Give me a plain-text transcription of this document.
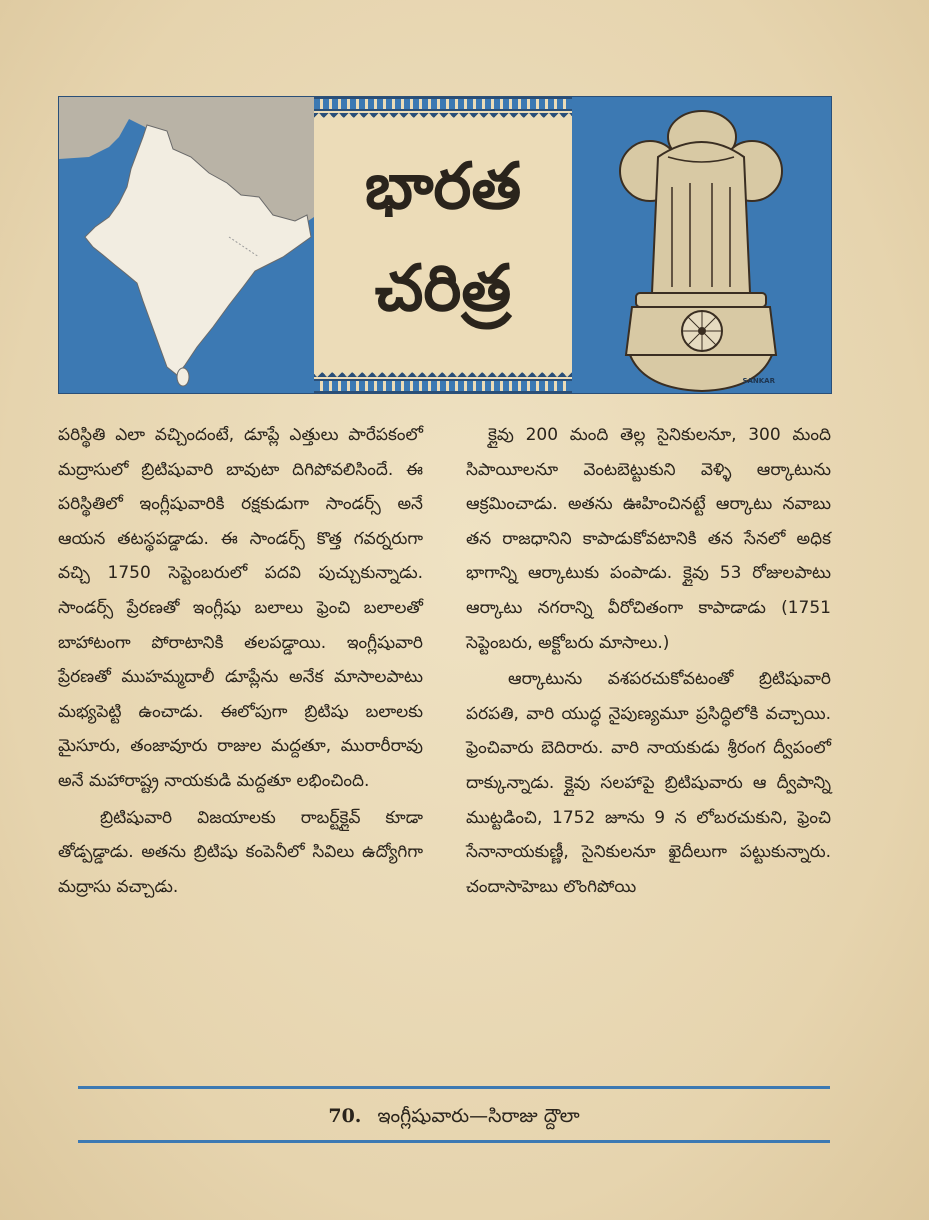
భారత
చరిత్ర
SANKAR

పరిస్థితి ఎలా వచ్చిందంటే, డూప్లే ఎత్తులు పారేపకంలో మద్రాసులో బ్రిటిషువారి బావుటా దిగిపోవలిసిందే. ఈ పరిస్థితిలో ఇంగ్లీషువారికి రక్షకుడుగా సాండర్స్ అనే ఆయన తటస్థపడ్డాడు. ఈ సాండర్స్ కొత్త గవర్నరుగా వచ్చి 1750 సెప్టెంబరులో పదవి పుచ్చుకున్నాడు. సాండర్స్ ప్రేరణతో ఇంగ్లీషు బలాలు ఫ్రెంచి బలాలతో బాహాటంగా పోరాటానికి తలపడ్డాయి. ఇంగ్లీషువారి ప్రేరణతో ముహమ్మదాలీ డూప్లేను అనేక మాసాలపాటు మభ్యపెట్టి ఉంచాడు. ఈలోపుగా బ్రిటిషు బలాలకు మైసూరు, తంజావూరు రాజుల మద్దతూ, మురారీరావు అనే మహారాష్ట్ర నాయకుడి మద్దతూ లభించింది.

బ్రిటిషువారి విజయాలకు రాబర్ట్‌క్లైవ్ కూడా తోడ్పడ్డాడు. అతను బ్రిటిషు కంపెనీలో సివిలు ఉద్యోగిగా మద్రాసు వచ్చాడు.

క్లైవు 200 మంది తెల్ల సైనికులనూ, 300 మంది సిపాయీలనూ వెంటబెట్టుకుని వెళ్ళి ఆర్కాటును ఆక్రమించాడు. అతను ఊహించినట్టే ఆర్కాటు నవాబు తన రాజధానిని కాపాడుకోవటానికి తన సేనలో అధిక భాగాన్ని ఆర్కాటుకు పంపాడు. క్లైవు 53 రోజులపాటు ఆర్కాటు నగరాన్ని వీరోచితంగా కాపాడాడు (1751 సెప్టెంబరు, అక్టోబరు మాసాలు.)

ఆర్కాటును వశపరచుకోవటంతో బ్రిటిషువారి పరపతి, వారి యుద్ధ నైపుణ్యమూ ప్రసిద్ధిలోకి వచ్చాయి. ఫ్రెంచివారు బెదిరారు. వారి నాయకుడు శ్రీరంగ ద్వీపంలో దాక్కున్నాడు. క్లైవు సలహాపై బ్రిటిషువారు ఆ ద్వీపాన్ని ముట్టడించి, 1752 జూను 9 న లోబరచుకుని, ఫ్రెంచి సేనానాయకుణ్ణీ, సైనికులనూ ఖైదీలుగా పట్టుకున్నారు. చందాసాహెబు లొంగిపోయి

70. ఇంగ్లీషువారు—సిరాజు ద్దౌలా
